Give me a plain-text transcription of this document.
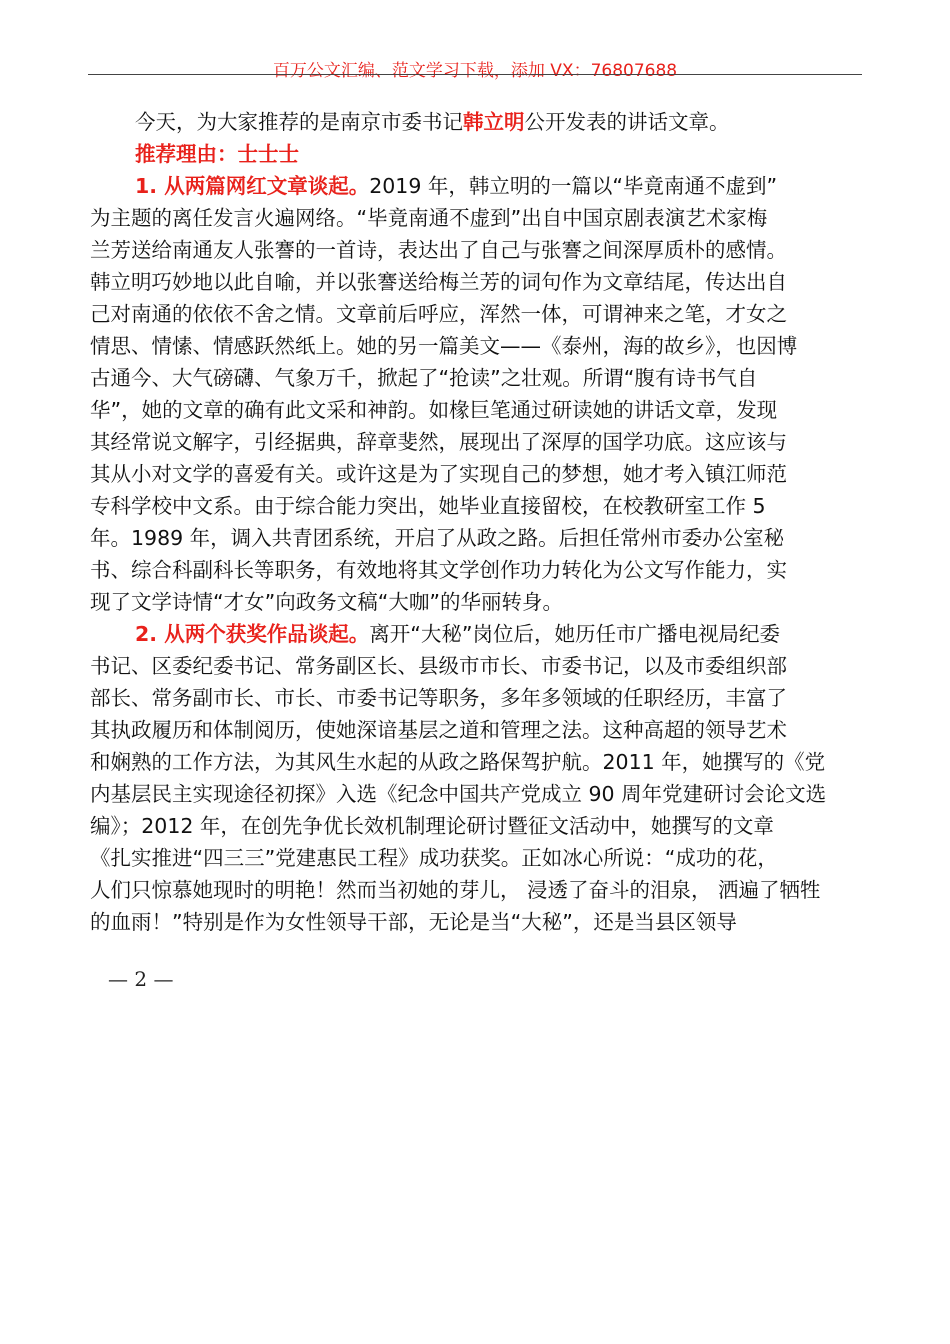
百万公文汇编、范文学习下载，添加 VX：76807688
今天，为大家推荐的是南京市委书记韩立明公开发表的讲话文章。
推荐理由：士士士
1. 从两篇网红文章谈起。2019 年，韩立明的一篇以“毕竟南通不虚到”
为主题的离任发言火遍网络。“毕竟南通不虚到”出自中国京剧表演艺术家梅
兰芳送给南通友人张謇的一首诗，表达出了自己与张謇之间深厚质朴的感情。
韩立明巧妙地以此自喻，并以张謇送给梅兰芳的词句作为文章结尾，传达出自
己对南通的依依不舍之情。文章前后呼应，浑然一体，可谓神来之笔，才女之
情思、情愫、情感跃然纸上。她的另一篇美文——《泰州，海的故乡》，也因博
古通今、大气磅礴、气象万千，掀起了“抢读”之壮观。所谓“腹有诗书气自
华”，她的文章的确有此文采和神韵。如椽巨笔通过研读她的讲话文章，发现
其经常说文解字，引经据典，辞章斐然，展现出了深厚的国学功底。这应该与
其从小对文学的喜爱有关。或许这是为了实现自己的梦想，她才考入镇江师范
专科学校中文系。由于综合能力突出，她毕业直接留校，在校教研室工作 5
年。1989 年，调入共青团系统，开启了从政之路。后担任常州市委办公室秘
书、综合科副科长等职务，有效地将其文学创作功力转化为公文写作能力，实
现了文学诗情“才女”向政务文稿“大咖”的华丽转身。
2. 从两个获奖作品谈起。离开“大秘”岗位后，她历任市广播电视局纪委
书记、区委纪委书记、常务副区长、县级市市长、市委书记，以及市委组织部
部长、常务副市长、市长、市委书记等职务，多年多领域的任职经历，丰富了
其执政履历和体制阅历，使她深谙基层之道和管理之法。这种高超的领导艺术
和娴熟的工作方法，为其风生水起的从政之路保驾护航。2011 年，她撰写的《党
内基层民主实现途径初探》入选《纪念中国共产党成立 90 周年党建研讨会论文选
编》；2012 年，在创先争优长效机制理论研讨暨征文活动中，她撰写的文章
《扎实推进“四三三”党建惠民工程》成功获奖。正如冰心所说：“成功的花，
人们只惊慕她现时的明艳！然而当初她的芽儿， 浸透了奋斗的泪泉， 洒遍了牺牲
的血雨！”特别是作为女性领导干部，无论是当“大秘”，还是当县区领导
— 2 —
